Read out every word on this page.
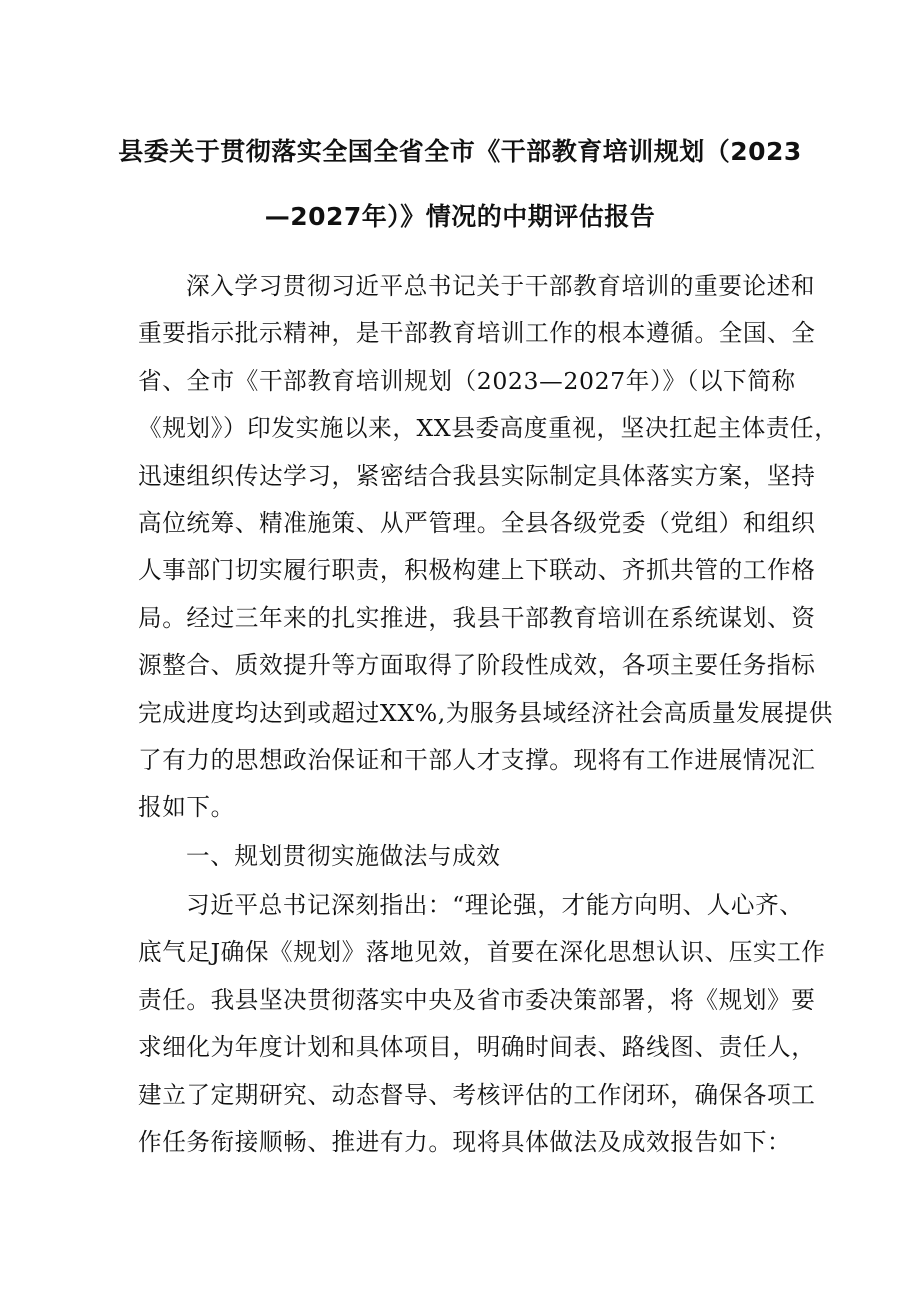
县委关于贯彻落实全国全省全市《干部教育培训规划（2023
—2027年）》情况的中期评估报告
深入学习贯彻习近平总书记关于干部教育培训的重要论述和
重要指示批示精神，是干部教育培训工作的根本遵循。全国、全
省、全市《干部教育培训规划（2023—2027年）》（以下简称
《规划》）印发实施以来，XX县委高度重视，坚决扛起主体责任，
迅速组织传达学习，紧密结合我县实际制定具体落实方案，坚持
高位统筹、精准施策、从严管理。全县各级党委（党组）和组织
人事部门切实履行职责，积极构建上下联动、齐抓共管的工作格
局。经过三年来的扎实推进，我县干部教育培训在系统谋划、资
源整合、质效提升等方面取得了阶段性成效，各项主要任务指标
完成进度均达到或超过XX%,为服务县域经济社会高质量发展提供
了有力的思想政治保证和干部人才支撑。现将有工作进展情况汇
报如下。
一、规划贯彻实施做法与成效
习近平总书记深刻指出：“理论强，才能方向明、人心齐、
底气足J确保《规划》落地见效，首要在深化思想认识、压实工作
责任。我县坚决贯彻落实中央及省市委决策部署，将《规划》要
求细化为年度计划和具体项目，明确时间表、路线图、责任人，
建立了定期研究、动态督导、考核评估的工作闭环，确保各项工
作任务衔接顺畅、推进有力。现将具体做法及成效报告如下：
